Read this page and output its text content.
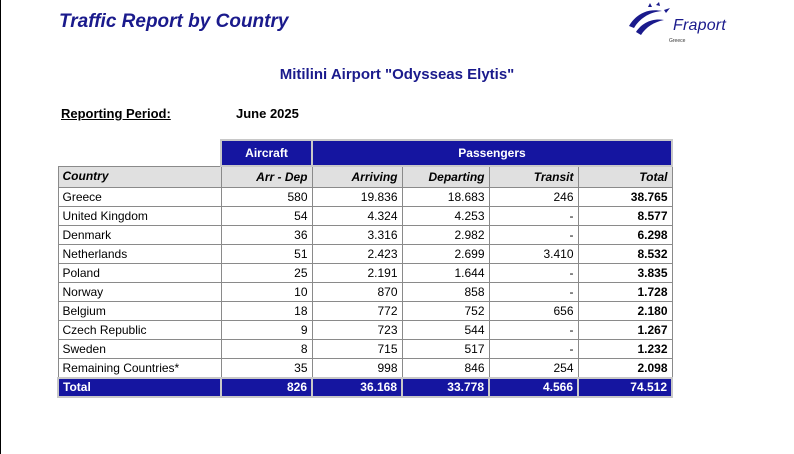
Traffic Report by Country	Fraport
Greece
Mitilini Airport "Odysseas Elytis"
Reporting Period:	June 2025
	Aircraft	Passengers			
Country	Arr - Dep	Arriving	Departing	Transit	Total
Greece	580	19.836	18.683	246	38.765
United Kingdom	54	4.324	4.253	-	8.577
Denmark	36	3.316	2.982	-	6.298
Netherlands	51	2.423	2.699	3.410	8.532
Poland	25	2.191	1.644	-	3.835
Norway	10	870	858	-	1.728
Belgium	18	772	752	656	2.180
Czech Republic	9	723	544	-	1.267
Sweden	8	715	517	-	1.232
Remaining Countries*	35	998	846	254	2.098
Total	826	36.168	33.778	4.566	74.512
